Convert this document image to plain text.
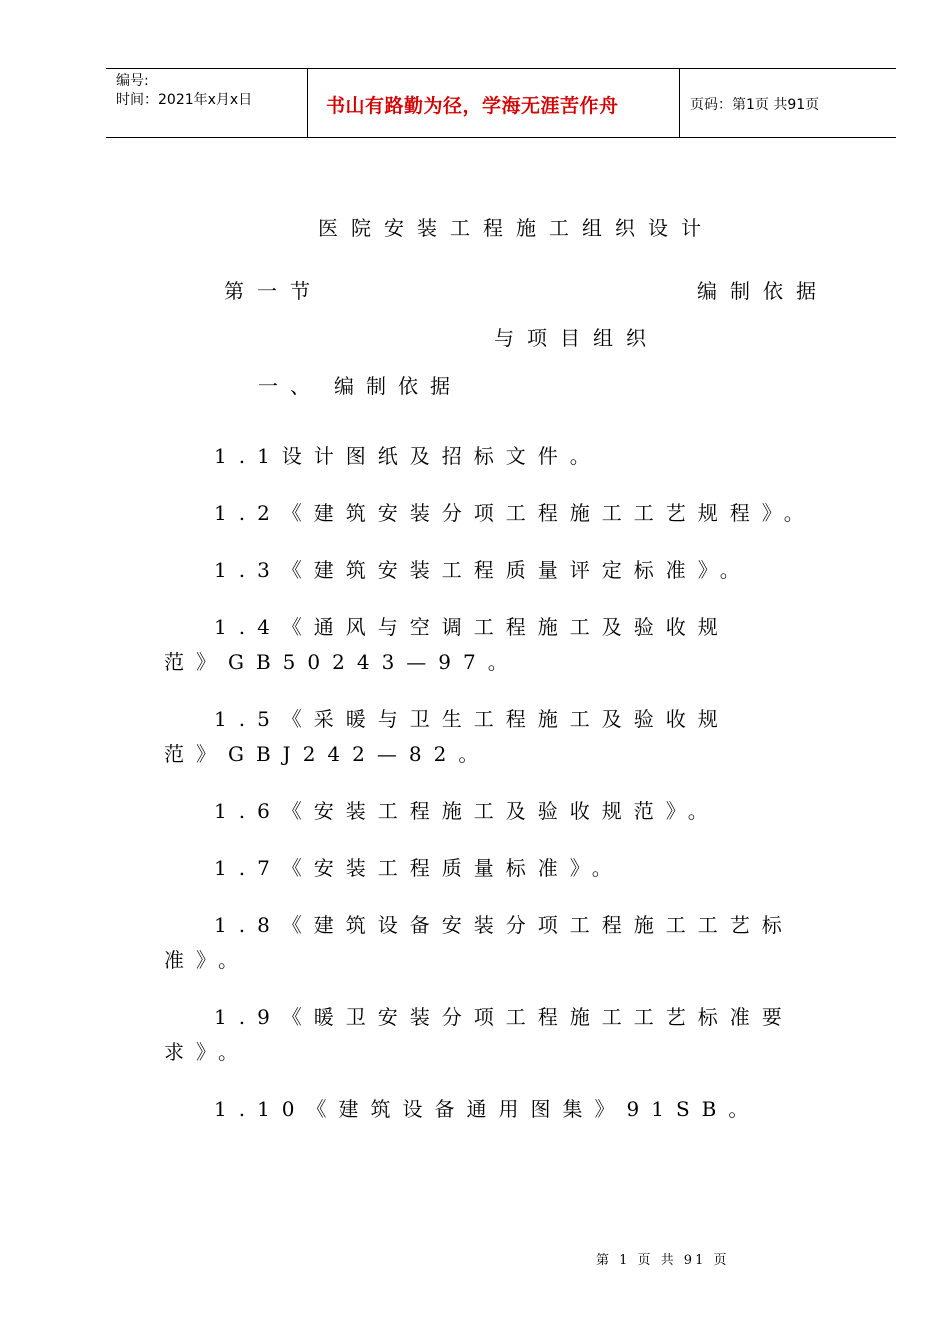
编号:
时间：2021年x月x日	书山有路勤为径，学海无涯苦作舟	页码：第1页 共91页
医院安装工程施工组织设计
第一节	编制依据
与项目组织
一、 编制依据
1.1设计图纸及招标文件。
1.2《建筑安装分项工程施工工艺规程》。
1.3《建筑安装工程质量评定标准》。
1.4《通风与空调工程施工及验收规
范》GB50243—97。
1.5《采暖与卫生工程施工及验收规
范》GBJ242—82。
1.6《安装工程施工及验收规范》。
1.7《安装工程质量标准》。
1.8《建筑设备安装分项工程施工工艺标
准》。
1.9《暖卫安装分项工程施工工艺标准要
求》。
1.10《建筑设备通用图集》91SB。
第 1 页 共 91 页
